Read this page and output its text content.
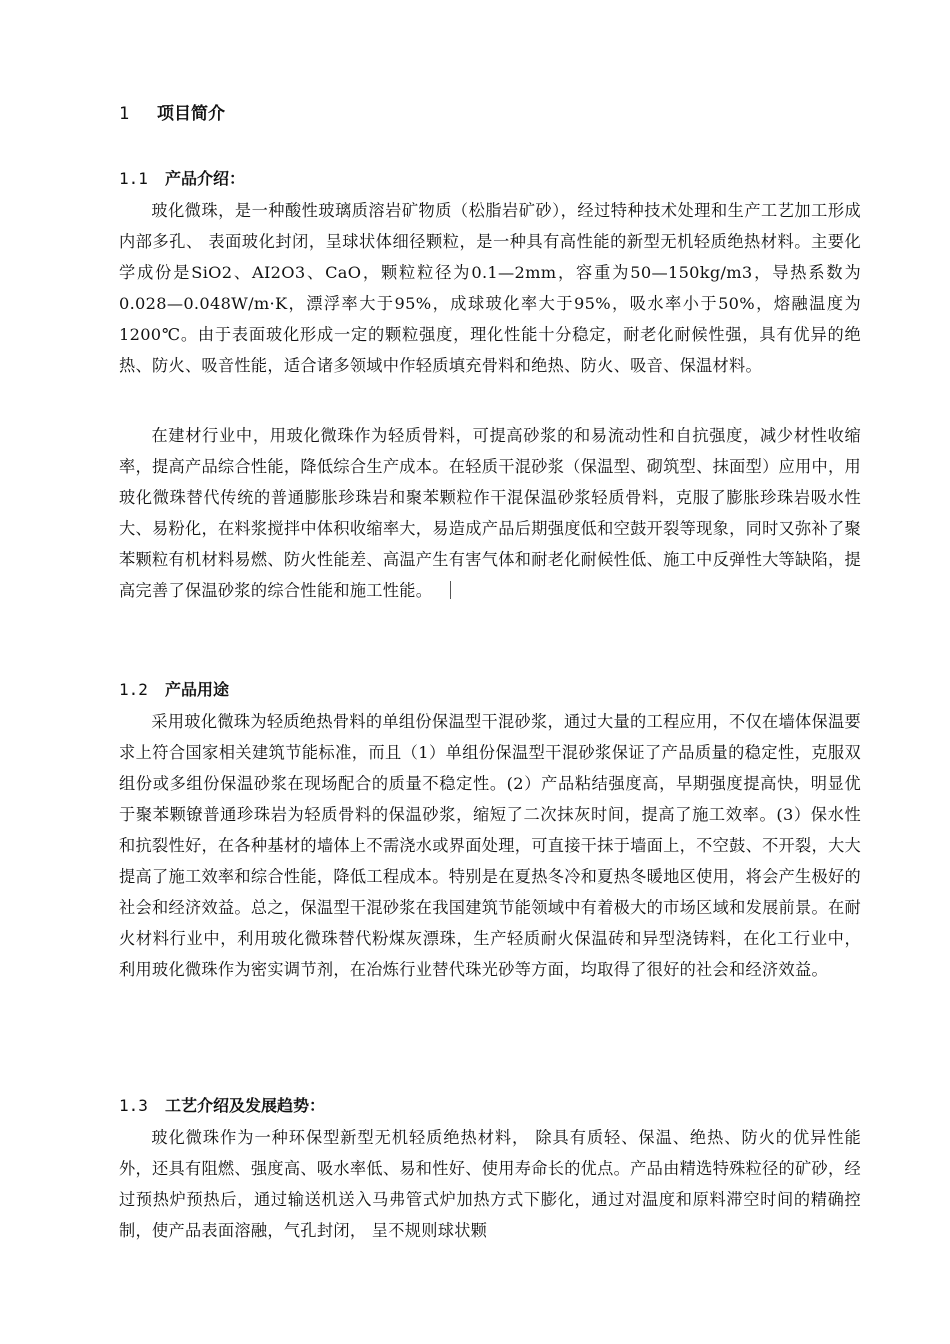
1 项目简介
1.1 产品介绍：

玻化微珠，是一种酸性玻璃质溶岩矿物质（松脂岩矿砂），经过特种技术处理和生产工艺加工形成内部多孔、 表面玻化封闭，呈球状体细径颗粒，是一种具有高性能的新型无机轻质绝热材料。主要化学成份是SiO2、AI2O3、CaO，颗粒粒径为0.1—2mm，容重为50—150kg/m3，导热系数为0.028—0.048W/m·K，漂浮率大于95%，成球玻化率大于95%，吸水率小于50%，熔融温度为1200℃。由于表面玻化形成一定的颗粒强度，理化性能十分稳定，耐老化耐候性强，具有优异的绝热、防火、吸音性能，适合诸多领域中作轻质填充骨料和绝热、防火、吸音、保温材料。

在建材行业中，用玻化微珠作为轻质骨料，可提高砂浆的和易流动性和自抗强度，减少材性收缩率，提高产品综合性能，降低综合生产成本。在轻质干混砂浆（保温型、砌筑型、抹面型）应用中，用玻化微珠替代传统的普通膨胀珍珠岩和聚苯颗粒作干混保温砂浆轻质骨料，克服了膨胀珍珠岩吸水性大、易粉化，在料浆搅拌中体积收缩率大，易造成产品后期强度低和空鼓开裂等现象，同时又弥补了聚苯颗粒有机材料易燃、防火性能差、高温产生有害气体和耐老化耐候性低、施工中反弹性大等缺陷，提高完善了保温砂浆的综合性能和施工性能。

1.2 产品用途

采用玻化微珠为轻质绝热骨料的单组份保温型干混砂浆，通过大量的工程应用，不仅在墙体保温要求上符合国家相关建筑节能标准，而且（1）单组份保温型干混砂浆保证了产品质量的稳定性，克服双组份或多组份保温砂浆在现场配合的质量不稳定性。(2）产品粘结强度高，早期强度提高快，明显优于聚苯颗镣普通珍珠岩为轻质骨料的保温砂浆，缩短了二次抹灰时间，提高了施工效率。(3）保水性和抗裂性好，在各种基材的墙体上不需浇水或界面处理，可直接干抹于墙面上，不空鼓、不开裂，大大提高了施工效率和综合性能，降低工程成本。特别是在夏热冬冷和夏热冬暖地区使用，将会产生极好的社会和经济效益。总之，保温型干混砂浆在我国建筑节能领域中有着极大的市场区域和发展前景。在耐火材料行业中，利用玻化微珠替代粉煤灰漂珠，生产轻质耐火保温砖和异型浇铸料，在化工行业中， 利用玻化微珠作为密实调节剂，在冶炼行业替代珠光砂等方面，均取得了很好的社会和经济效益。

1.3 工艺介绍及发展趋势：

玻化微珠作为一种环保型新型无机轻质绝热材料， 除具有质轻、保温、绝热、防火的优异性能外，还具有阻燃、强度高、吸水率低、易和性好、使用寿命长的优点。产品由精选特殊粒径的矿砂，经过预热炉预热后，通过输送机送入马弗管式炉加热方式下膨化，通过对温度和原料滞空时间的精确控制，使产品表面溶融，气孔封闭， 呈不规则球状颗
